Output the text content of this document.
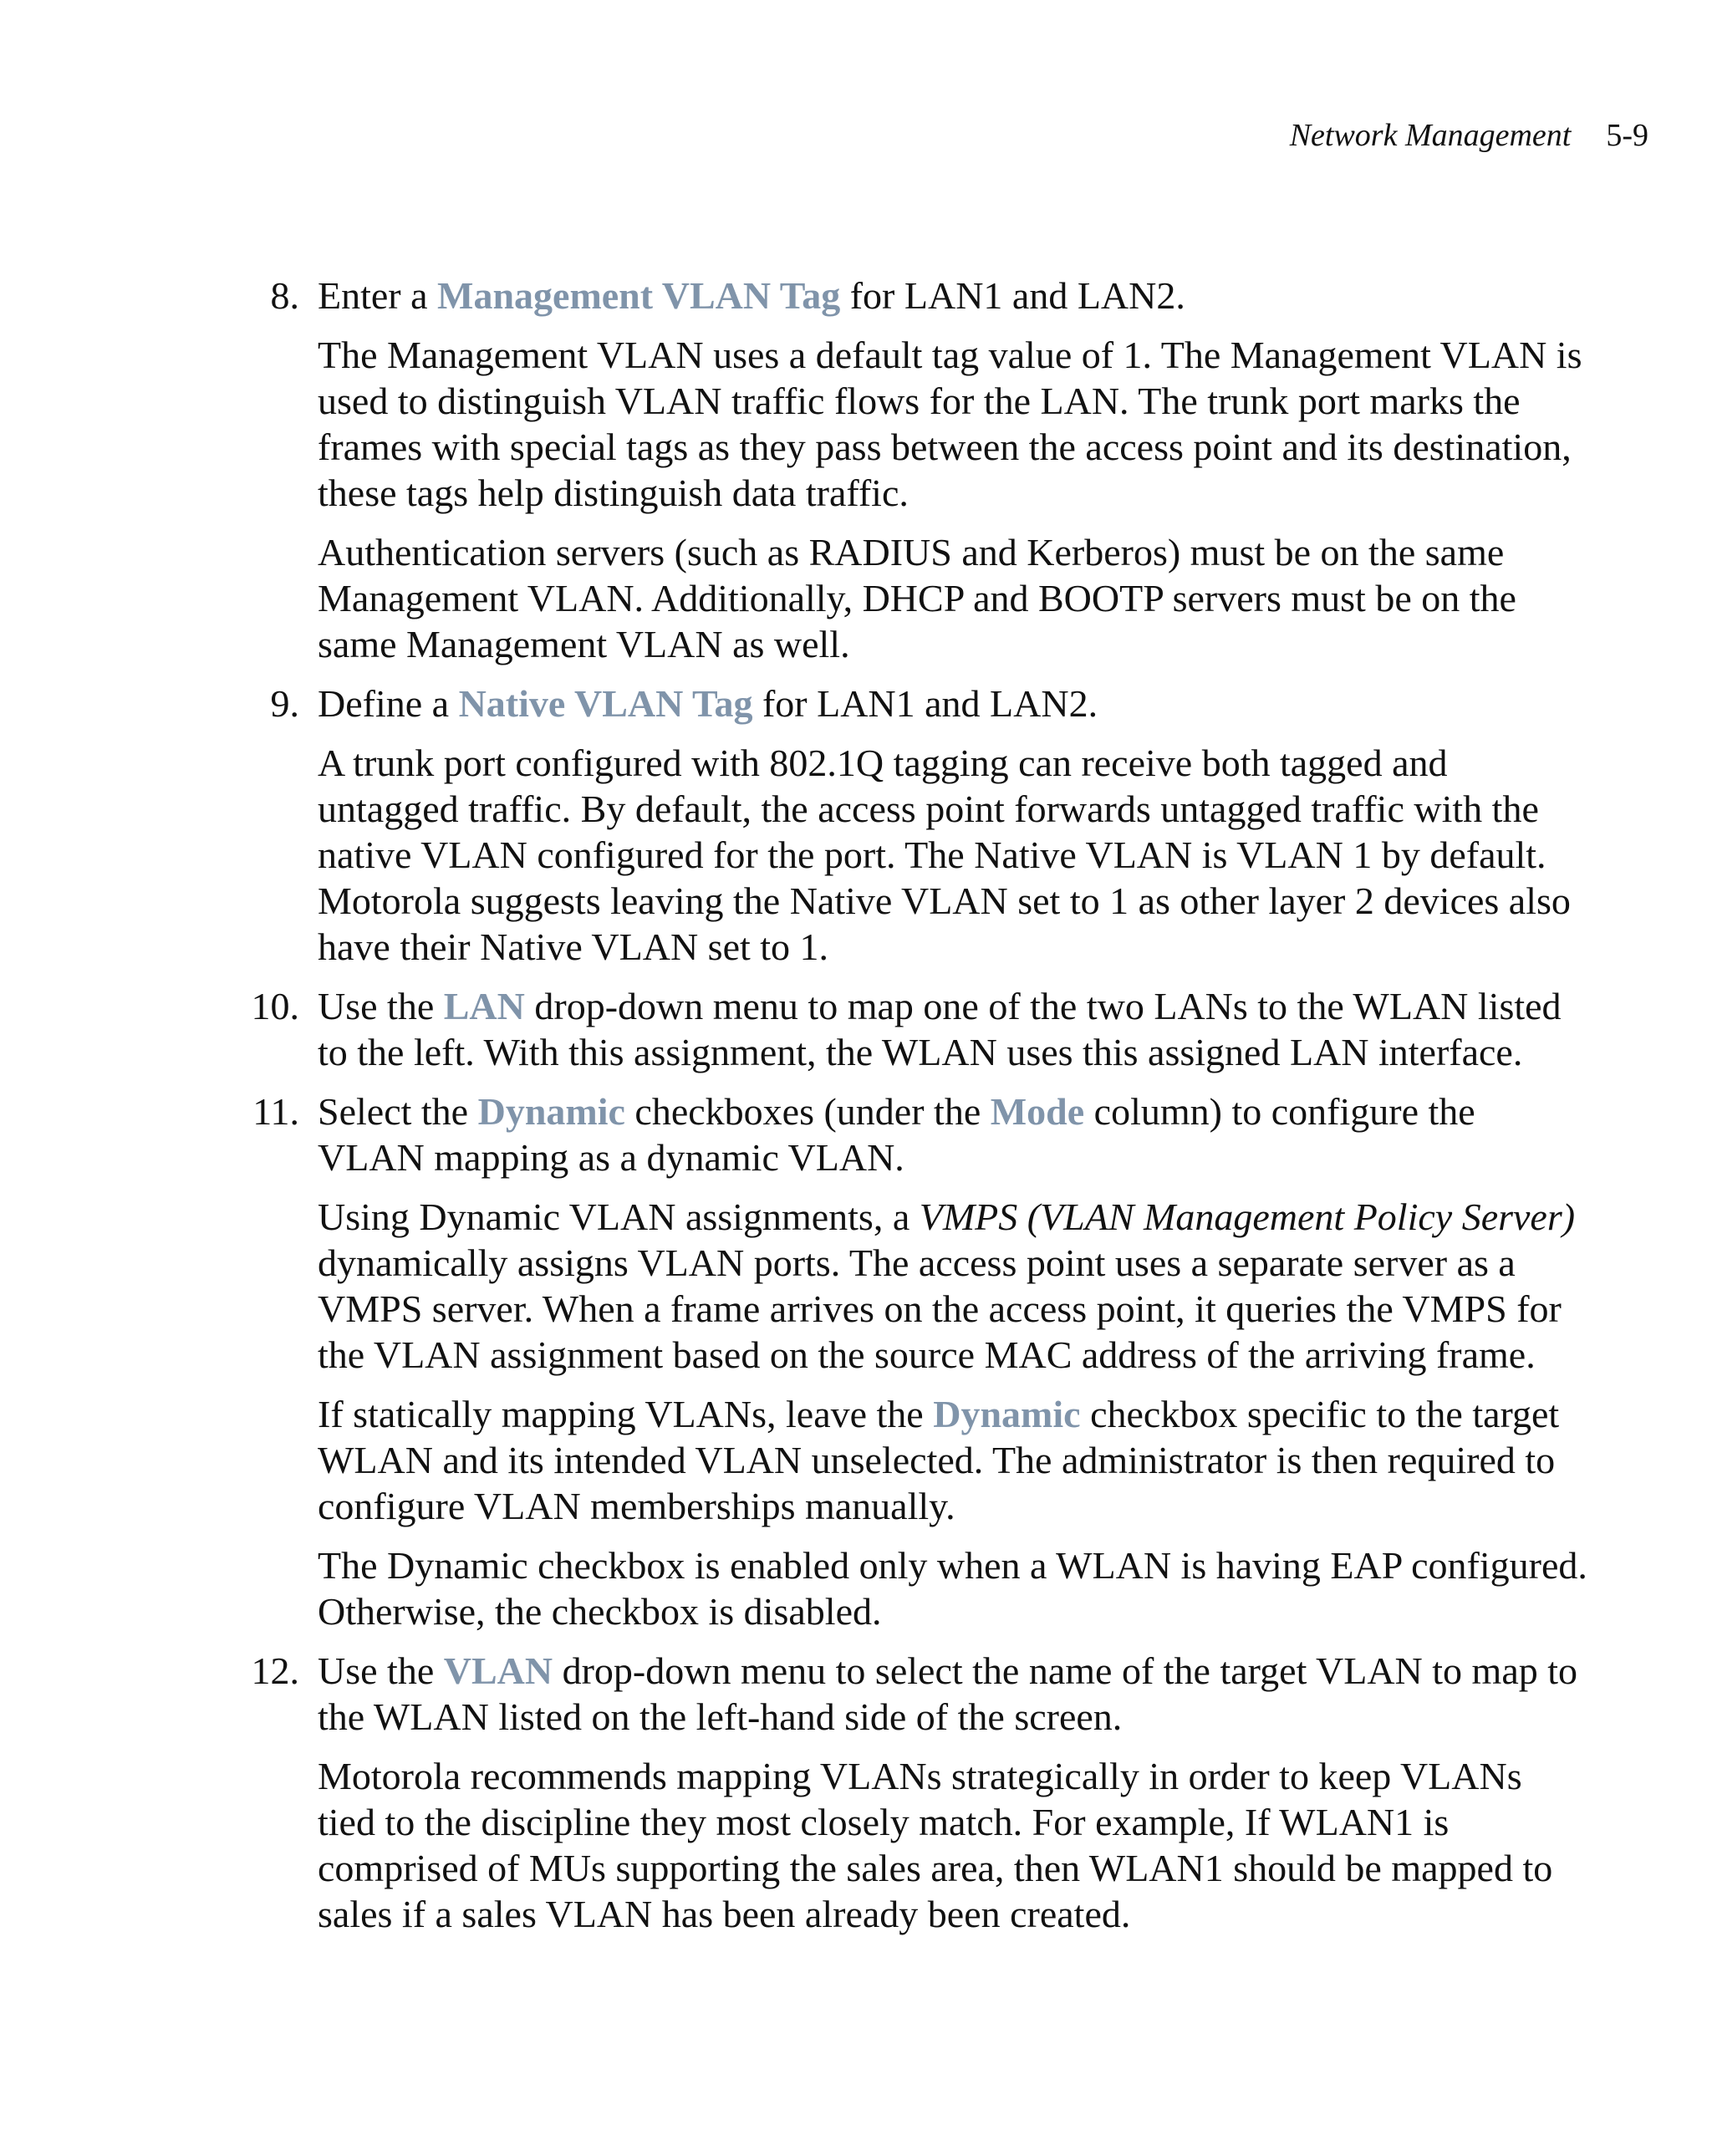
Network Management 5-9
8. Enter a Management VLAN Tag for LAN1 and LAN2.

The Management VLAN uses a default tag value of 1. The Management VLAN is used to distinguish VLAN traffic flows for the LAN. The trunk port marks the frames with special tags as they pass between the access point and its destination, these tags help distinguish data traffic.

Authentication servers (such as RADIUS and Kerberos) must be on the same Management VLAN. Additionally, DHCP and BOOTP servers must be on the same Management VLAN as well.

9. Define a Native VLAN Tag for LAN1 and LAN2.

A trunk port configured with 802.1Q tagging can receive both tagged and untagged traffic. By default, the access point forwards untagged traffic with the native VLAN configured for the port. The Native VLAN is VLAN 1 by default. Motorola suggests leaving the Native VLAN set to 1 as other layer 2 devices also have their Native VLAN set to 1.

10. Use the LAN drop-down menu to map one of the two LANs to the WLAN listed to the left. With this assignment, the WLAN uses this assigned LAN interface.

11. Select the Dynamic checkboxes (under the Mode column) to configure the VLAN mapping as a dynamic VLAN.

Using Dynamic VLAN assignments, a VMPS (VLAN Management Policy Server) dynamically assigns VLAN ports. The access point uses a separate server as a VMPS server. When a frame arrives on the access point, it queries the VMPS for the VLAN assignment based on the source MAC address of the arriving frame.

If statically mapping VLANs, leave the Dynamic checkbox specific to the target WLAN and its intended VLAN unselected. The administrator is then required to configure VLAN memberships manually.

The Dynamic checkbox is enabled only when a WLAN is having EAP configured. Otherwise, the checkbox is disabled.

12. Use the VLAN drop-down menu to select the name of the target VLAN to map to the WLAN listed on the left-hand side of the screen.

Motorola recommends mapping VLANs strategically in order to keep VLANs tied to the discipline they most closely match. For example, If WLAN1 is comprised of MUs supporting the sales area, then WLAN1 should be mapped to sales if a sales VLAN has been already been created.
